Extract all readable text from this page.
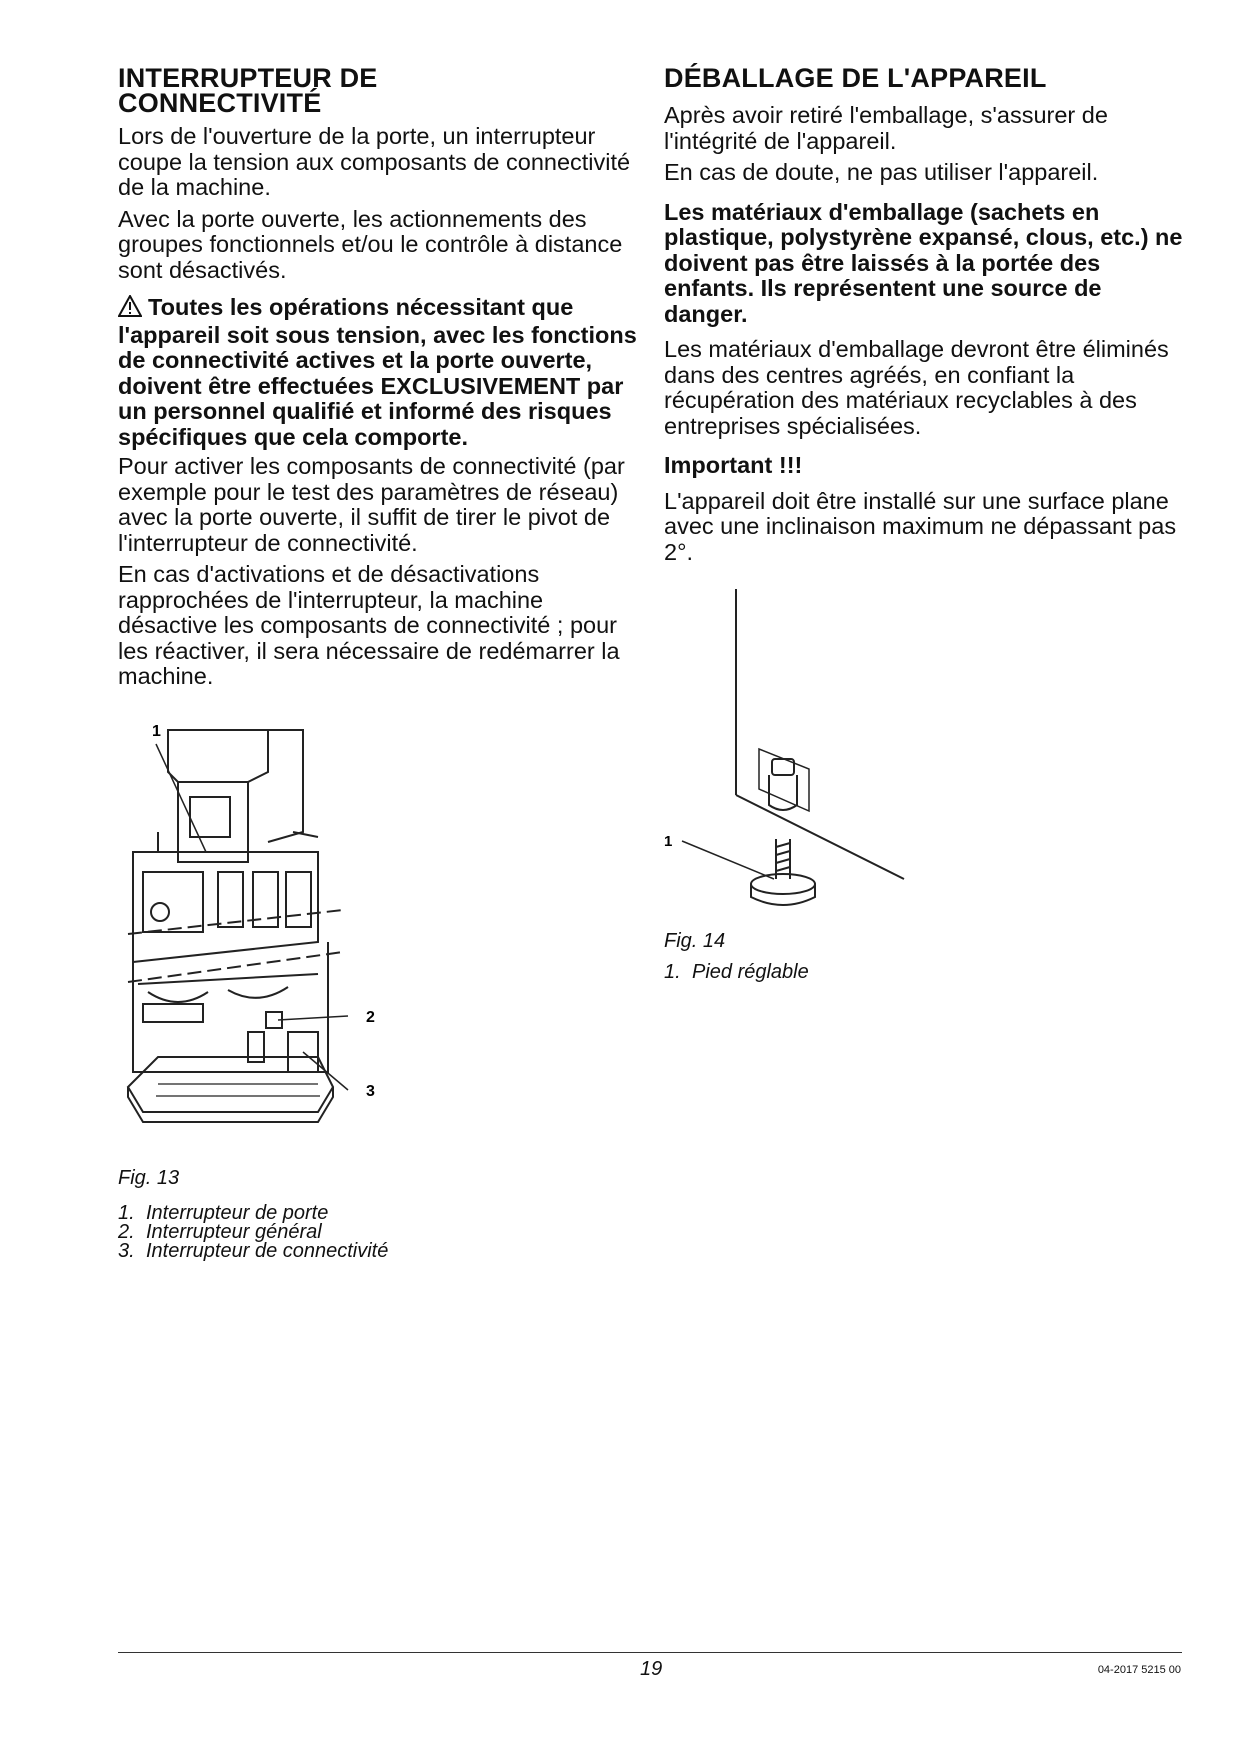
INTERRUPTEUR DE
CONNECTIVITÉ

Lors de l'ouverture de la porte, un interrupteur coupe la tension aux composants de connectivité de la machine.

Avec la porte ouverte, les actionnements des groupes fonctionnels et/ou le contrôle à distance sont désactivés.

Toutes les opérations nécessitant que l'appareil soit sous tension, avec les fonctions de connectivité actives et la porte ouverte, doivent être effectuées EXCLUSIVEMENT par un personnel qualifié et informé des risques spécifiques que cela comporte.

Pour activer les composants de connectivité (par exemple pour le test des paramètres de réseau) avec la porte ouverte, il suffit de tirer le pivot de l'interrupteur de connectivité.

En cas d'activations et de désactivations rapprochées de l'interrupteur, la machine désactive les composants de connectivité ; pour les réactiver, il sera nécessaire de redémarrer la machine.

1
2
3
Fig. 13
1. Interrupteur de porte
2. Interrupteur général
3. Interrupteur de connectivité
DÉBALLAGE DE L'APPAREIL

Après avoir retiré l'emballage, s'assurer de l'intégrité de l'appareil.

En cas de doute, ne pas utiliser l'appareil.

Les matériaux d'emballage (sachets en plastique, polystyrène expansé, clous, etc.) ne doivent pas être laissés à la portée des enfants. Ils représentent une source de danger.

Les matériaux d'emballage devront être éliminés dans des centres agréés, en confiant la récupération des matériaux recyclables à des entreprises spécialisées.

Important !!!

L'appareil doit être installé sur une surface plane avec une inclinaison maximum ne dépassant pas 2°.

1
Fig. 14
1. Pied réglable
19	04-2017 5215 00
